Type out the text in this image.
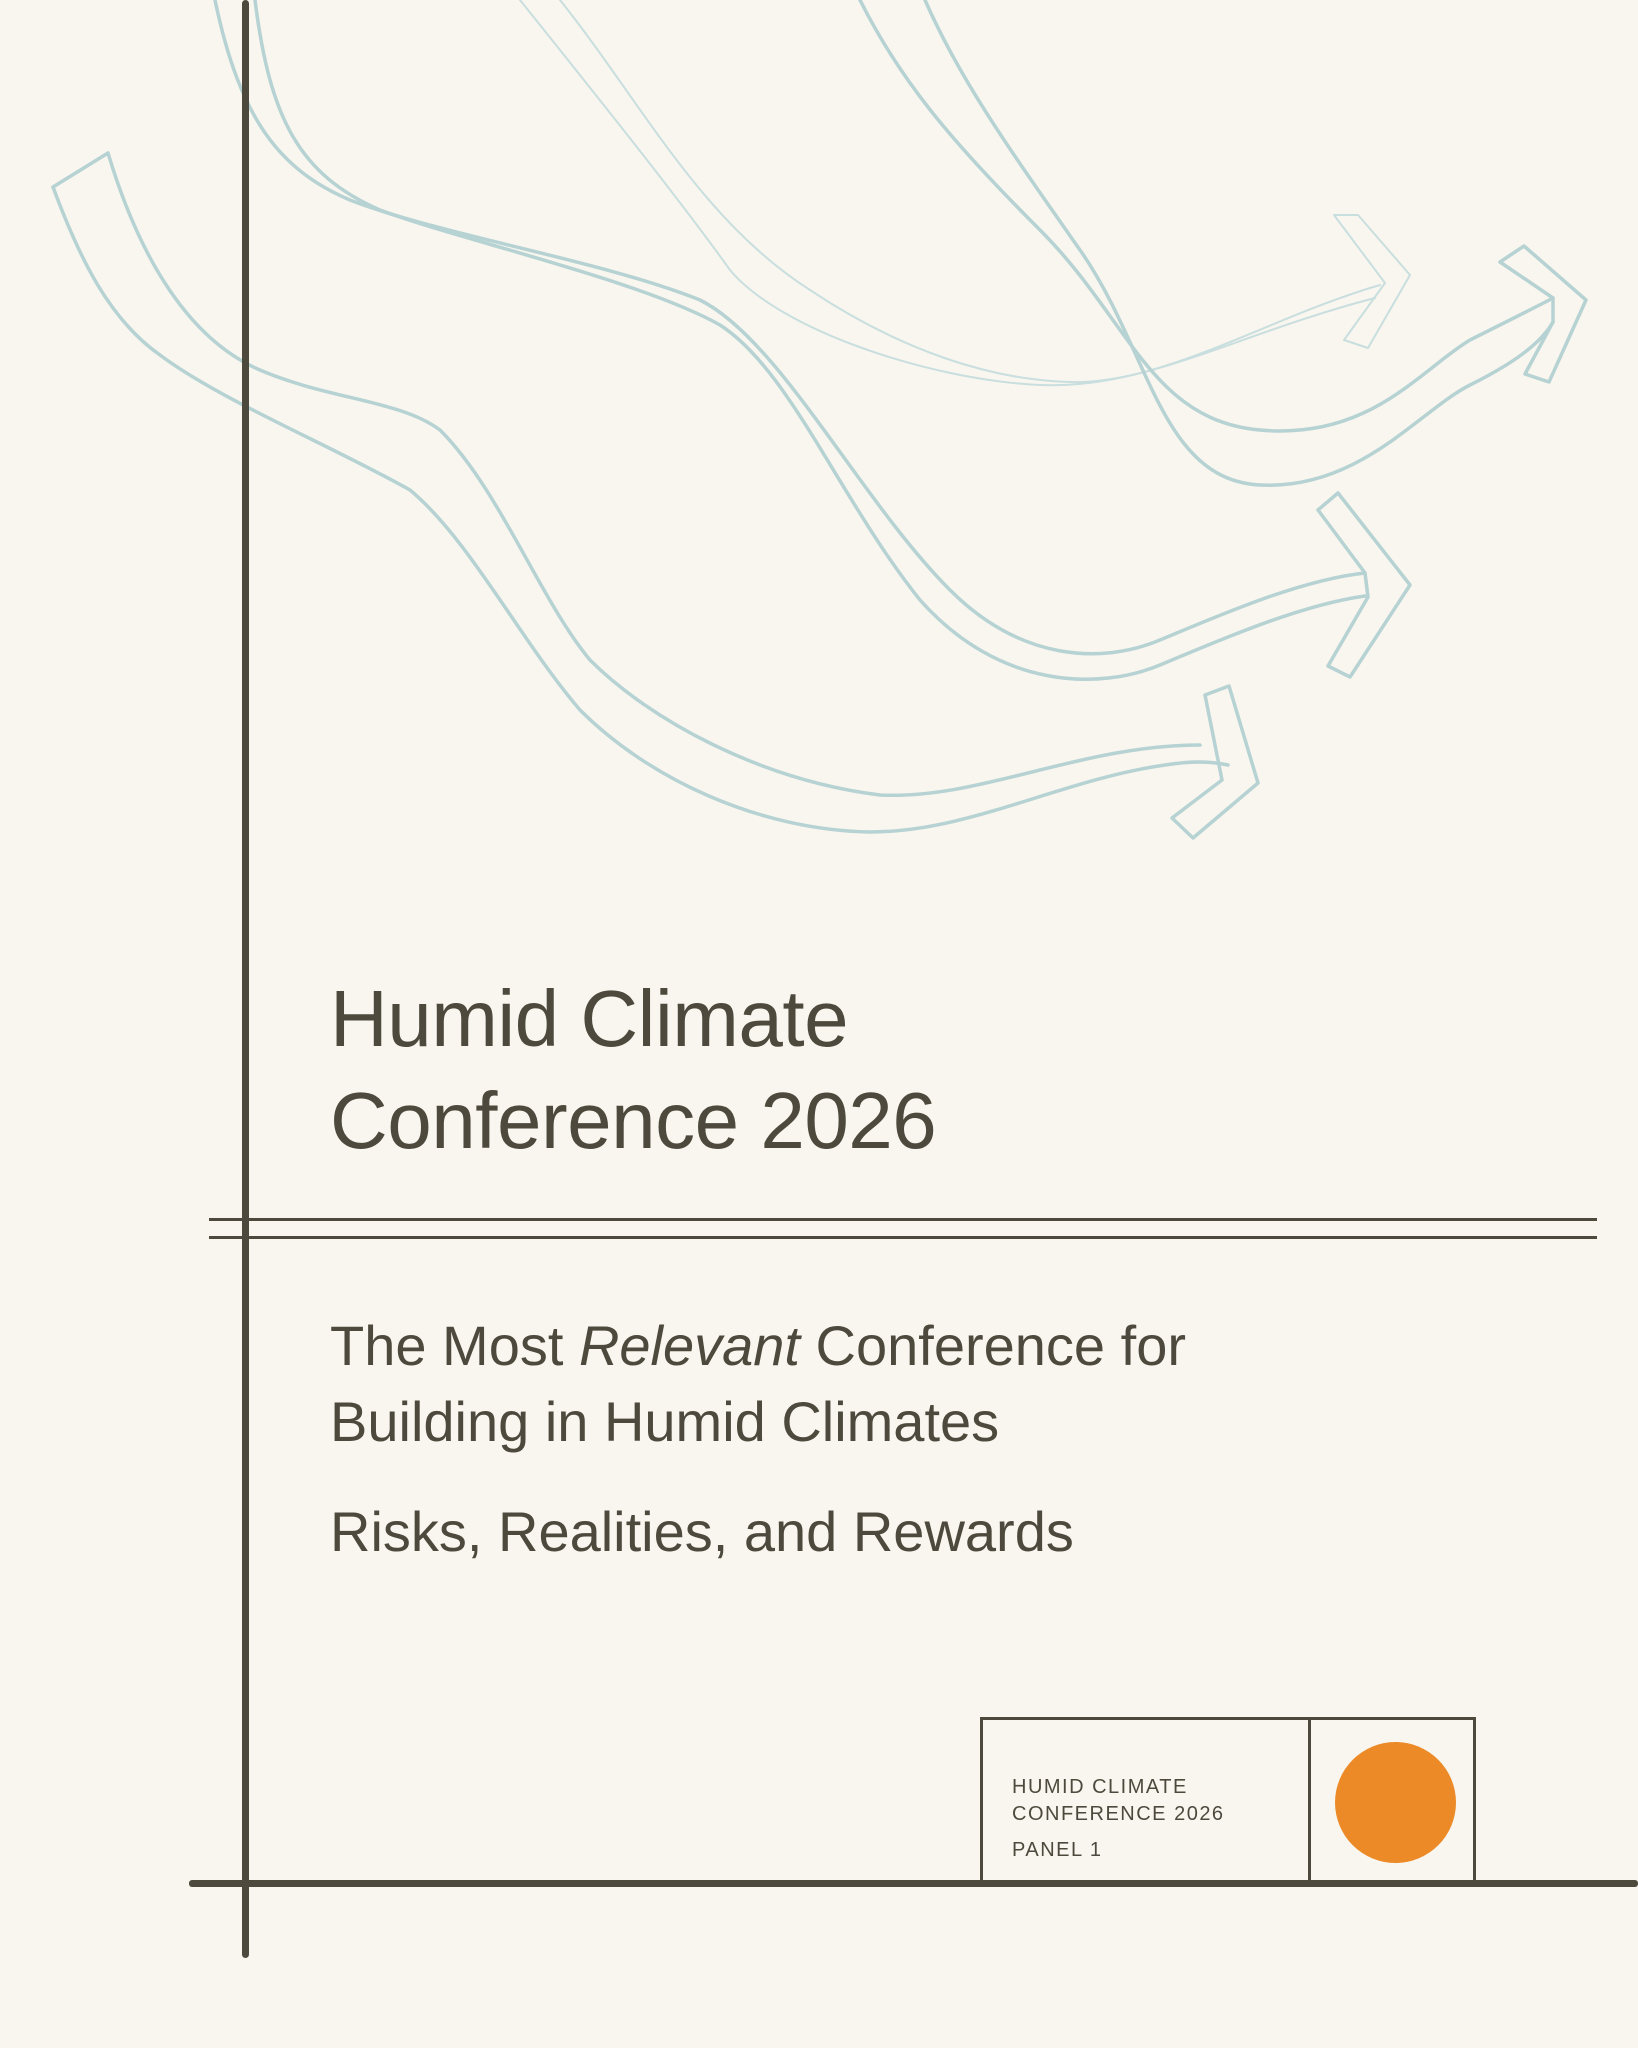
Humid Climate
Conference 2026

The Most Relevant Conference for
Building in Humid Climates

Risks, Realities, and Rewards

HUMID CLIMATE
CONFERENCE 2026
PANEL 1
